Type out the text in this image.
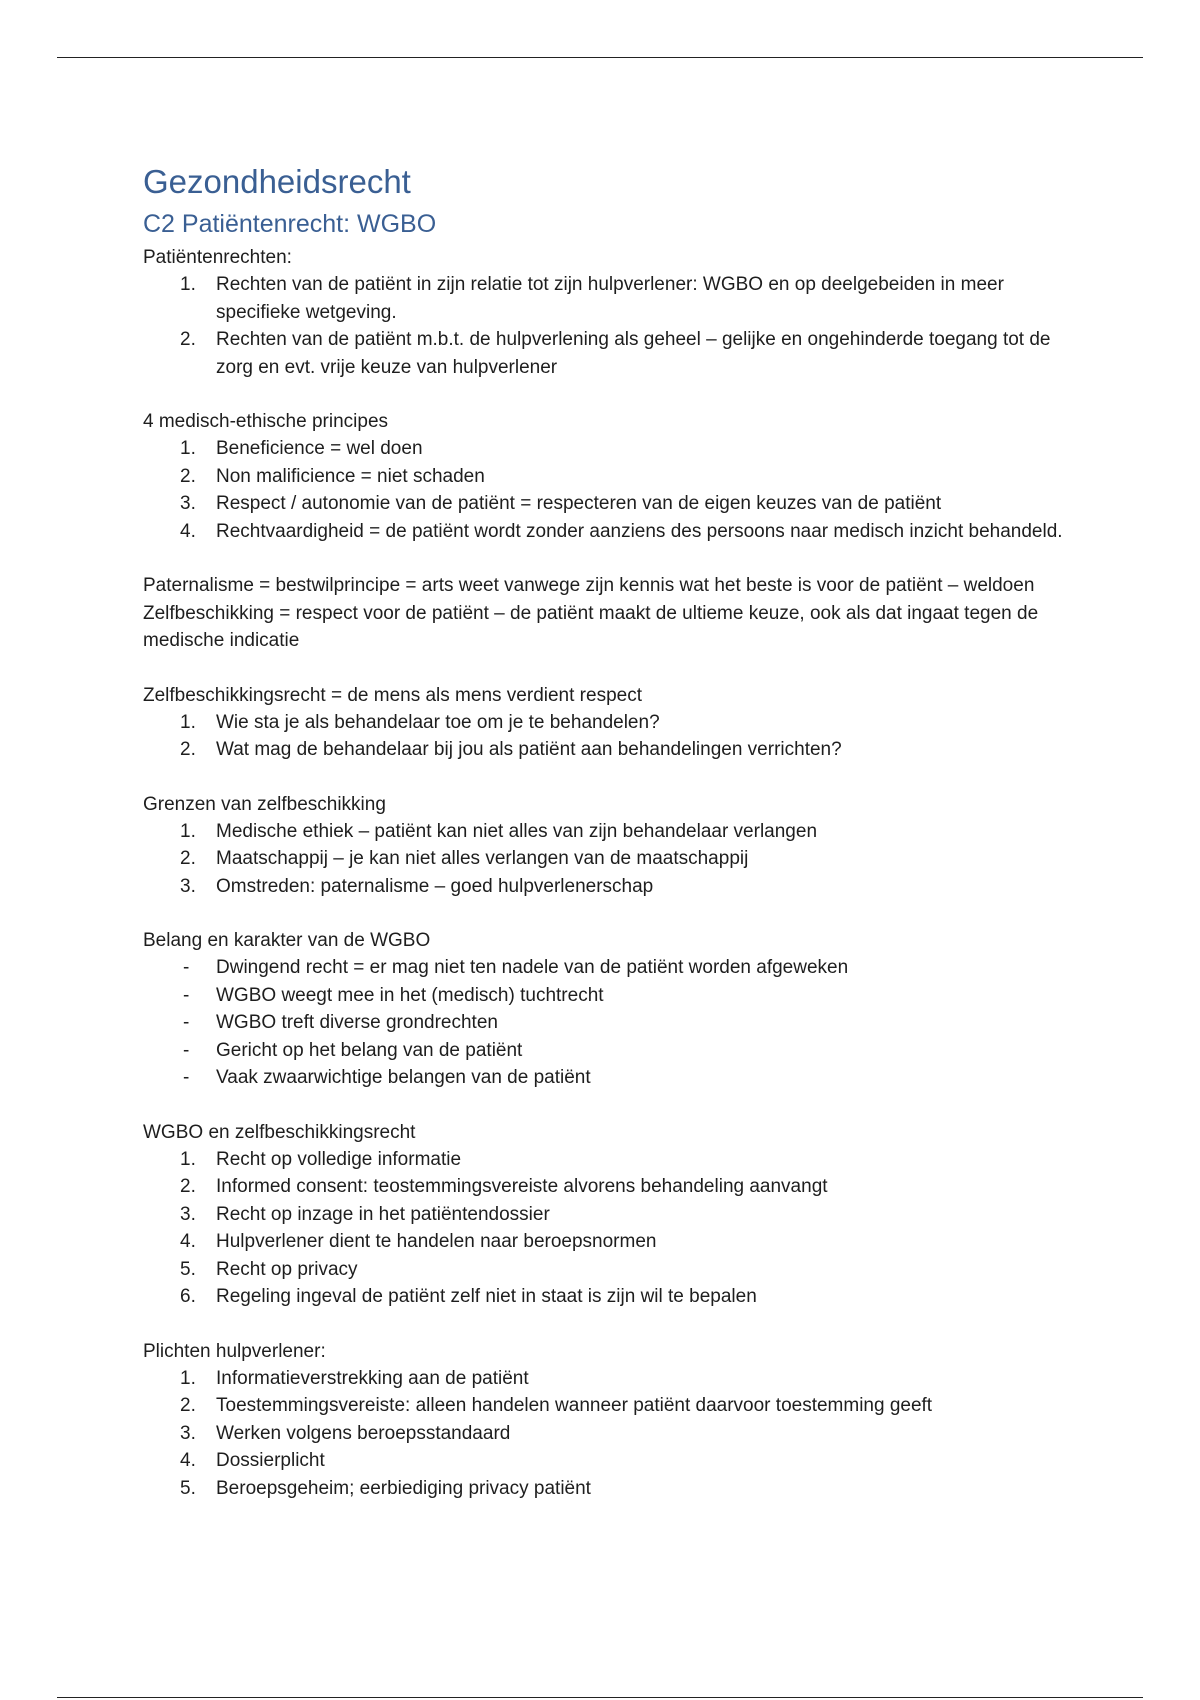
Gezondheidsrecht
C2 Patiëntenrecht: WGBO

Patiëntenrechten:

1. Rechten van de patiënt in zijn relatie tot zijn hulpverlener: WGBO en op deelgebeiden in meer specifieke wetgeving.
2. Rechten van de patiënt m.b.t. de hulpverlening als geheel – gelijke en ongehinderde toegang tot de zorg en evt. vrije keuze van hulpverlener

4 medisch-ethische principes

1. Beneficience = wel doen
2. Non malificience = niet schaden
3. Respect / autonomie van de patiënt = respecteren van de eigen keuzes van de patiënt
4. Rechtvaardigheid = de patiënt wordt zonder aanziens des persoons naar medisch inzicht behandeld.

Paternalisme = bestwilprincipe = arts weet vanwege zijn kennis wat het beste is voor de patiënt – weldoen

Zelfbeschikking = respect voor de patiënt – de patiënt maakt de ultieme keuze, ook als dat ingaat tegen de medische indicatie

Zelfbeschikkingsrecht = de mens als mens verdient respect

1. Wie sta je als behandelaar toe om je te behandelen?
2. Wat mag de behandelaar bij jou als patiënt aan behandelingen verrichten?

Grenzen van zelfbeschikking

1. Medische ethiek – patiënt kan niet alles van zijn behandelaar verlangen
2. Maatschappij – je kan niet alles verlangen van de maatschappij
3. Omstreden: paternalisme – goed hulpverlenerschap

Belang en karakter van de WGBO

- Dwingend recht = er mag niet ten nadele van de patiënt worden afgeweken
- WGBO weegt mee in het (medisch) tuchtrecht
- WGBO treft diverse grondrechten
- Gericht op het belang van de patiënt
- Vaak zwaarwichtige belangen van de patiënt

WGBO en zelfbeschikkingsrecht

1. Recht op volledige informatie
2. Informed consent: teostemmingsvereiste alvorens behandeling aanvangt
3. Recht op inzage in het patiëntendossier
4. Hulpverlener dient te handelen naar beroepsnormen
5. Recht op privacy
6. Regeling ingeval de patiënt zelf niet in staat is zijn wil te bepalen

Plichten hulpverlener:

1. Informatieverstrekking aan de patiënt
2. Toestemmingsvereiste: alleen handelen wanneer patiënt daarvoor toestemming geeft
3. Werken volgens beroepsstandaard
4. Dossierplicht
5. Beroepsgeheim; eerbiediging privacy patiënt
